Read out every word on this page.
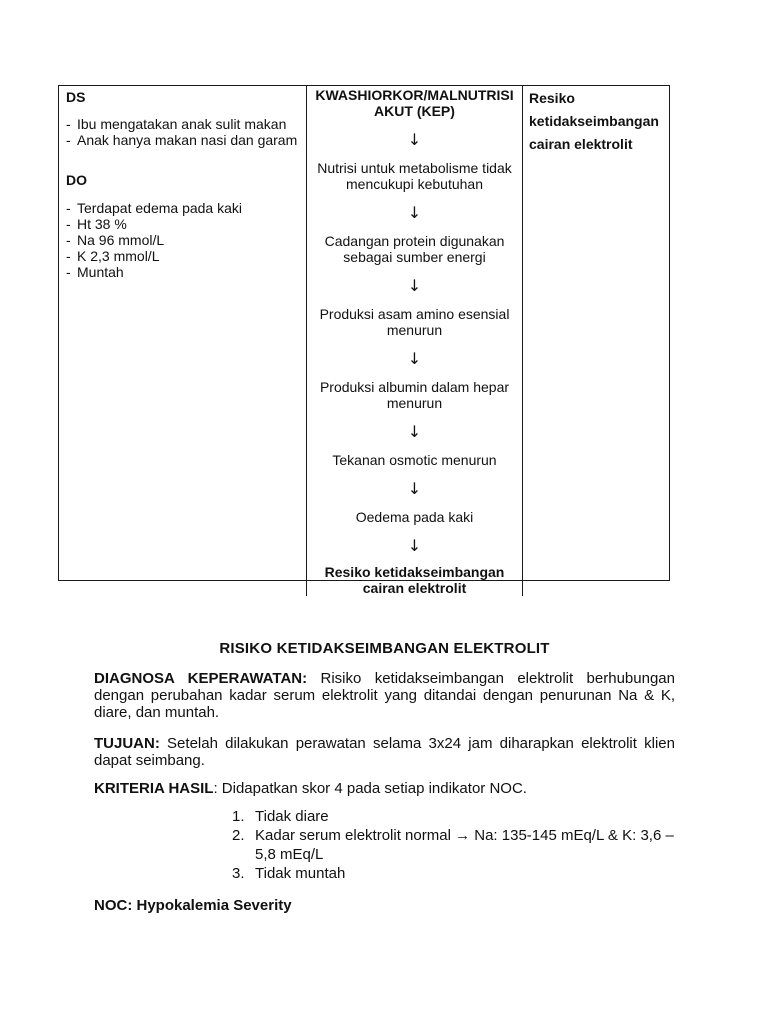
DS

- Ibu mengatakan anak sulit makan
- Anak hanya makan nasi dan garam

DO

- Terdapat edema pada kaki
- Ht 38 %
- Na 96 mmol/L
- K 2,3 mmol/L
- Muntah

KWASHIORKOR/MALNUTRISI AKUT (KEP)

↓
Nutrisi untuk metabolisme tidak mencukupi kebutuhan
↓
Cadangan protein digunakan sebagai sumber energi
↓
Produksi asam amino esensial menurun
↓
Produksi albumin dalam hepar menurun
↓
Tekanan osmotic menurun
↓
Oedema pada kaki
↓
Resiko ketidakseimbangan cairan elektrolit

Resiko

ketidakseimbangan

cairan elektrolit

RISIKO KETIDAKSEIMBANGAN ELEKTROLIT
DIAGNOSA KEPERAWATAN: Risiko ketidakseimbangan elektrolit berhubungan dengan perubahan kadar serum elektrolit yang ditandai dengan penurunan Na & K, diare, dan muntah.
TUJUAN: Setelah dilakukan perawatan selama 3x24 jam diharapkan elektrolit klien dapat seimbang.
KRITERIA HASIL: Didapatkan skor 4 pada setiap indikator NOC.
1. Tidak diare
2. Kadar serum elektrolit normal → Na: 135-145 mEq/L & K: 3,6 – 5,8 mEq/L
3. Tidak muntah
NOC: Hypokalemia Severity
